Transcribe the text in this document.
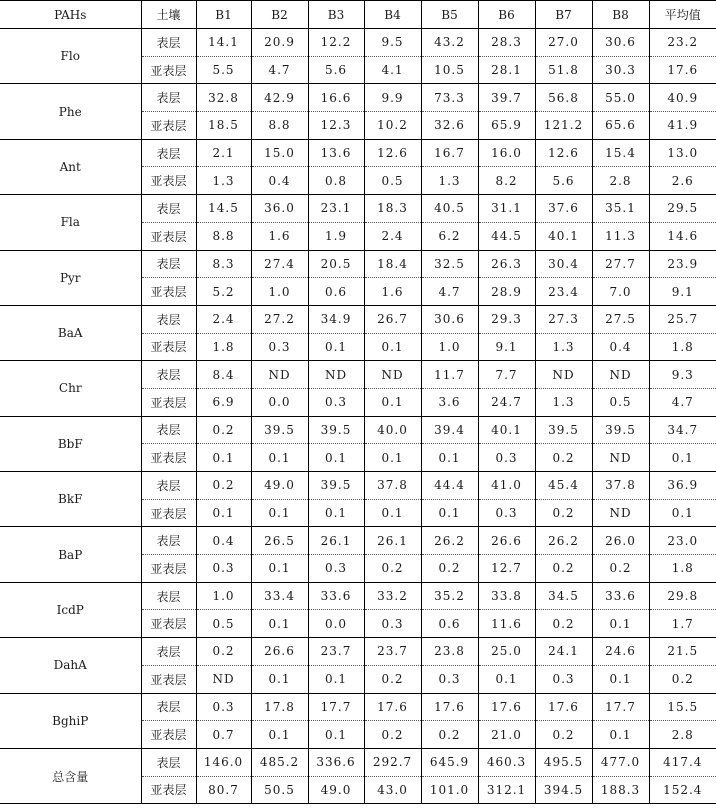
PAHs	土壤	B1	B2	B3	B4	B5	B6	B7	B8	平均值
Flo	表层	14.1	20.9	12.2	9.5	43.2	28.3	27.0	30.6	23.2
	亚表层	5.5	4.7	5.6	4.1	10.5	28.1	51.8	30.3	17.6
Phe	表层	32.8	42.9	16.6	9.9	73.3	39.7	56.8	55.0	40.9
	亚表层	18.5	8.8	12.3	10.2	32.6	65.9	121.2	65.6	41.9
Ant	表层	2.1	15.0	13.6	12.6	16.7	16.0	12.6	15.4	13.0
	亚表层	1.3	0.4	0.8	0.5	1.3	8.2	5.6	2.8	2.6
Fla	表层	14.5	36.0	23.1	18.3	40.5	31.1	37.6	35.1	29.5
	亚表层	8.8	1.6	1.9	2.4	6.2	44.5	40.1	11.3	14.6
Pyr	表层	8.3	27.4	20.5	18.4	32.5	26.3	30.4	27.7	23.9
	亚表层	5.2	1.0	0.6	1.6	4.7	28.9	23.4	7.0	9.1
BaA	表层	2.4	27.2	34.9	26.7	30.6	29.3	27.3	27.5	25.7
	亚表层	1.8	0.3	0.1	0.1	1.0	9.1	1.3	0.4	1.8
Chr	表层	8.4	ND	ND	ND	11.7	7.7	ND	ND	9.3
	亚表层	6.9	0.0	0.3	0.1	3.6	24.7	1.3	0.5	4.7
BbF	表层	0.2	39.5	39.5	40.0	39.4	40.1	39.5	39.5	34.7
	亚表层	0.1	0.1	0.1	0.1	0.1	0.3	0.2	ND	0.1
BkF	表层	0.2	49.0	39.5	37.8	44.4	41.0	45.4	37.8	36.9
	亚表层	0.1	0.1	0.1	0.1	0.1	0.3	0.2	ND	0.1
BaP	表层	0.4	26.5	26.1	26.1	26.2	26.6	26.2	26.0	23.0
	亚表层	0.3	0.1	0.3	0.2	0.2	12.7	0.2	0.2	1.8
IcdP	表层	1.0	33.4	33.6	33.2	35.2	33.8	34.5	33.6	29.8
	亚表层	0.5	0.1	0.0	0.3	0.6	11.6	0.2	0.1	1.7
DahA	表层	0.2	26.6	23.7	23.7	23.8	25.0	24.1	24.6	21.5
	亚表层	ND	0.1	0.1	0.2	0.3	0.1	0.3	0.1	0.2
BghiP	表层	0.3	17.8	17.7	17.6	17.6	17.6	17.6	17.7	15.5
	亚表层	0.7	0.1	0.1	0.2	0.2	21.0	0.2	0.1	2.8
总含量	表层	146.0	485.2	336.6	292.7	645.9	460.3	495.5	477.0	417.4
	亚表层	80.7	50.5	49.0	43.0	101.0	312.1	394.5	188.3	152.4
